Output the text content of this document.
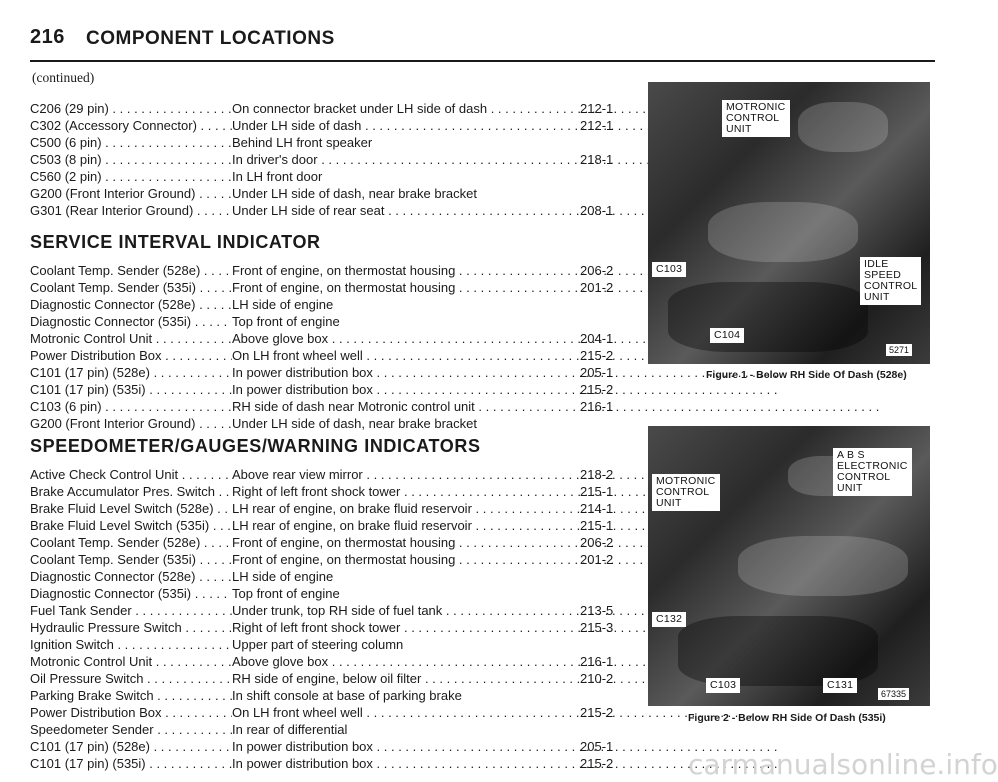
216 COMPONENT LOCATIONS
(continued)
C206 (29 pin) . . .	On connector bracket under LH side of dash . . .	212-1
C302 (Accessory Connector) . . .	Under LH side of dash . . .	212-1
C500 (6 pin) . . .	Behind LH front speaker
C503 (8 pin) . . .	In driver's door . . .	218-1
C560 (2 pin) . . .	In LH front door
G200 (Front Interior Ground) . . .	Under LH side of dash, near brake bracket
G301 (Rear Interior Ground) . . .	Under LH side of rear seat . . .	208-1
SERVICE INTERVAL INDICATOR
Coolant Temp. Sender (528e) . . .	Front of engine, on thermostat housing . . .	206-2
Coolant Temp. Sender (535i) . . .	Front of engine, on thermostat housing . . .	201-2
Diagnostic Connector (528e) . . .	LH side of engine
Diagnostic Connector (535i) . . .	Top front of engine
Motronic Control Unit . . .	Above glove box . . .	204-1
Power Distribution Box . . .	On LH front wheel well . . .	215-2
C101 (17 pin) (528e) . . .	In power distribution box . . .	205-1
C101 (17 pin) (535i) . . .	In power distribution box . . .	215-2
C103 (6 pin) . . .	RH side of dash near Motronic control unit . . .	216-1
G200 (Front Interior Ground) . . .	Under LH side of dash, near brake bracket
SPEEDOMETER/GAUGES/WARNING INDICATORS
Active Check Control Unit . . .	Above rear view mirror . . .	218-2
Brake Accumulator Pres. Switch . . .	Right of left front shock tower . . .	215-1
Brake Fluid Level Switch (528e) . . .	LH rear of engine, on brake fluid reservoir . . .	214-1
Brake Fluid Level Switch (535i) . . .	LH rear of engine, on brake fluid reservoir . . .	215-1
Coolant Temp. Sender (528e) . . .	Front of engine, on thermostat housing . . .	206-2
Coolant Temp. Sender (535i) . . .	Front of engine, on thermostat housing . . .	201-2
Diagnostic Connector (528e) . . .	LH side of engine
Diagnostic Connector (535i) . . .	Top front of engine
Fuel Tank Sender . . .	Under trunk, top RH side of fuel tank . . .	213-5
Hydraulic Pressure Switch . . .	Right of left front shock tower . . .	215-3
Ignition Switch . . .	Upper part of steering column
Motronic Control Unit . . .	Above glove box . . .	216-1
Oil Pressure Switch . . .	RH side of engine, below oil filter . . .	210-2
Parking Brake Switch . . .	In shift console at base of parking brake
Power Distribution Box . . .	On LH front wheel well . . .	215-2
Speedometer Sender . . .	In rear of differential
C101 (17 pin) (528e) . . .	In power distribution box . . .	205-1
C101 (17 pin) (535i) . . .	In power distribution box . . .	215-2
MOTRONIC
CONTROL
UNIT
IDLE
SPEED
CONTROL
UNIT
C103
C104
5271
Figure 1 - Below RH Side Of Dash (528e)
A B S
ELECTRONIC
CONTROL
UNIT
MOTRONIC
CONTROL
UNIT
C132
C103	C131
67335
Figure 2 - Below RH Side Of Dash (535i)
carmanualsonline.info
